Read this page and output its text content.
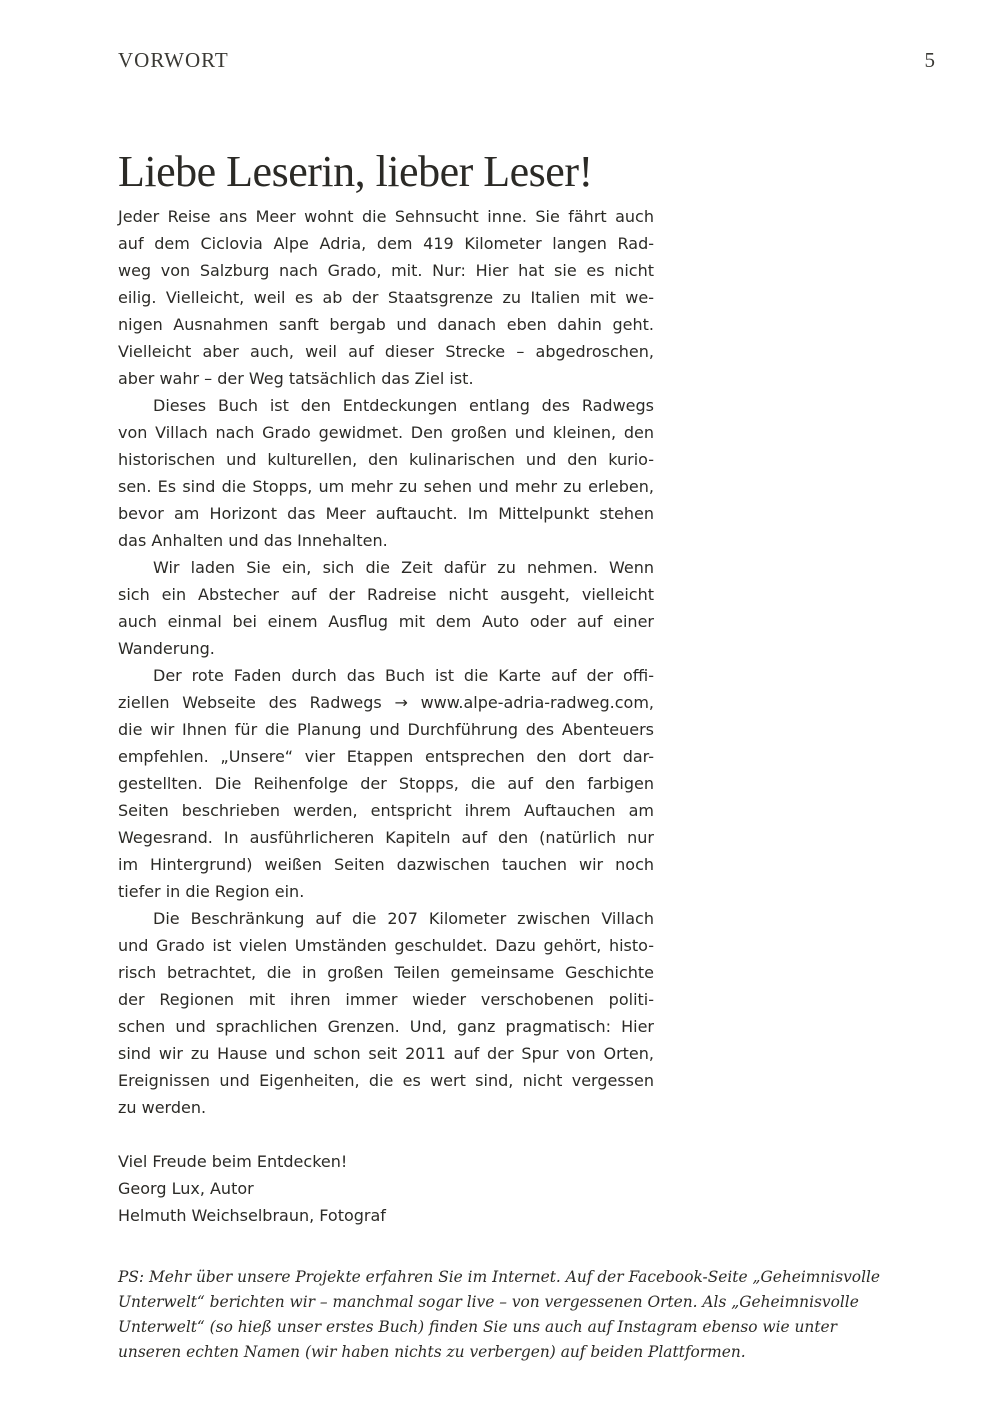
VORWORT	5
Liebe Leserin, lieber Leser!
Jeder Reise ans Meer wohnt die Sehnsucht inne. Sie fährt auch
auf dem Ciclovia Alpe Adria, dem 419 Kilometer langen Rad-
weg von Salzburg nach Grado, mit. Nur: Hier hat sie es nicht
eilig. Vielleicht, weil es ab der Staatsgrenze zu Italien mit we-
nigen Ausnahmen sanft bergab und danach eben dahin geht.
Vielleicht aber auch, weil auf dieser Strecke – abgedroschen,
aber wahr – der Weg tatsächlich das Ziel ist.
Dieses Buch ist den Entdeckungen entlang des Radwegs
von Villach nach Grado gewidmet. Den großen und kleinen, den
historischen und kulturellen, den kulinarischen und den kurio-
sen. Es sind die Stopps, um mehr zu sehen und mehr zu erleben,
bevor am Horizont das Meer auftaucht. Im Mittelpunkt stehen
das Anhalten und das Innehalten.
Wir laden Sie ein, sich die Zeit dafür zu nehmen. Wenn
sich ein Abstecher auf der Radreise nicht ausgeht, vielleicht
auch einmal bei einem Ausflug mit dem Auto oder auf einer
Wanderung.
Der rote Faden durch das Buch ist die Karte auf der offi-
ziellen Webseite des Radwegs → www.alpe-adria-radweg.com,
die wir Ihnen für die Planung und Durchführung des Abenteuers
empfehlen. „Unsere“ vier Etappen entsprechen den dort dar-
gestellten. Die Reihenfolge der Stopps, die auf den farbigen
Seiten beschrieben werden, entspricht ihrem Auftauchen am
Wegesrand. In ausführlicheren Kapiteln auf den (natürlich nur
im Hintergrund) weißen Seiten dazwischen tauchen wir noch
tiefer in die Region ein.
Die Beschränkung auf die 207 Kilometer zwischen Villach
und Grado ist vielen Umständen geschuldet. Dazu gehört, histo-
risch betrachtet, die in großen Teilen gemeinsame Geschichte
der Regionen mit ihren immer wieder verschobenen politi-
schen und sprachlichen Grenzen. Und, ganz pragmatisch: Hier
sind wir zu Hause und schon seit 2011 auf der Spur von Orten,
Ereignissen und Eigenheiten, die es wert sind, nicht vergessen
zu werden.
Viel Freude beim Entdecken!
Georg Lux, Autor
Helmuth Weichselbraun, Fotograf
PS: Mehr über unsere Projekte erfahren Sie im Internet. Auf der Facebook-Seite „Geheimnisvolle
Unterwelt“ berichten wir – manchmal sogar live – von vergessenen Orten. Als „Geheimnisvolle
Unterwelt“ (so hieß unser erstes Buch) finden Sie uns auch auf Instagram ebenso wie unter
unseren echten Namen (wir haben nichts zu verbergen) auf beiden Plattformen.
